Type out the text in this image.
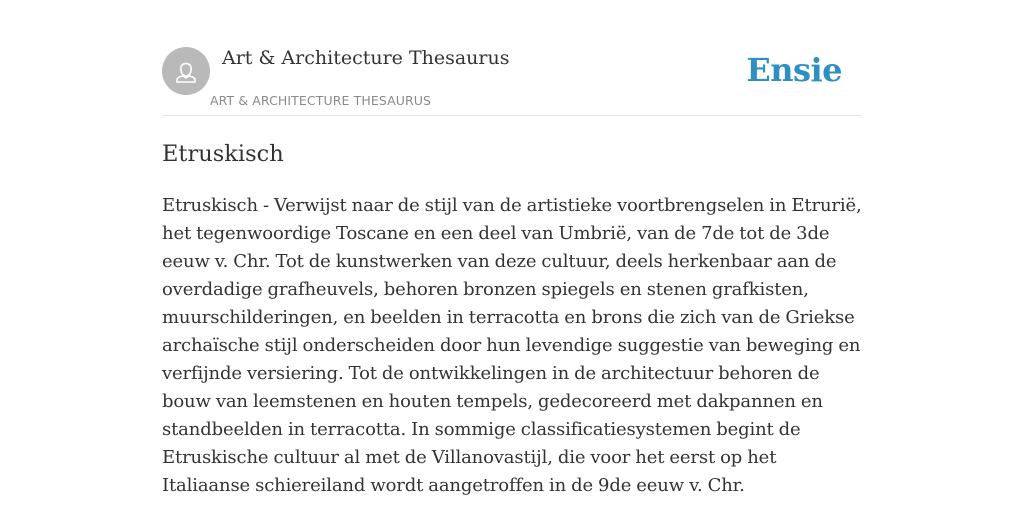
Art & Architecture Thesaurus
ART & ARCHITECTURE THESAURUS
Ensie
Etruskisch

Etruskisch - Verwijst naar de stijl van de artistieke voortbrengselen in Etrurië, het tegenwoordige Toscane en een deel van Umbrië, van de 7de tot de 3de eeuw v. Chr. Tot de kunstwerken van deze cultuur, deels herkenbaar aan de overdadige grafheuvels, behoren bronzen spiegels en stenen grafkisten, muurschilderingen, en beelden in terracotta en brons die zich van de Griekse archaïsche stijl onderscheiden door hun levendige suggestie van beweging en verfijnde versiering. Tot de ontwikkelingen in de architectuur behoren de bouw van leemstenen en houten tempels, gedecoreerd met dakpannen en standbeelden in terracotta. In sommige classificatiesystemen begint de Etruskische cultuur al met de Villanovastijl, die voor het eerst op het Italiaanse schiereiland wordt aangetroffen in de 9de eeuw v. Chr.
